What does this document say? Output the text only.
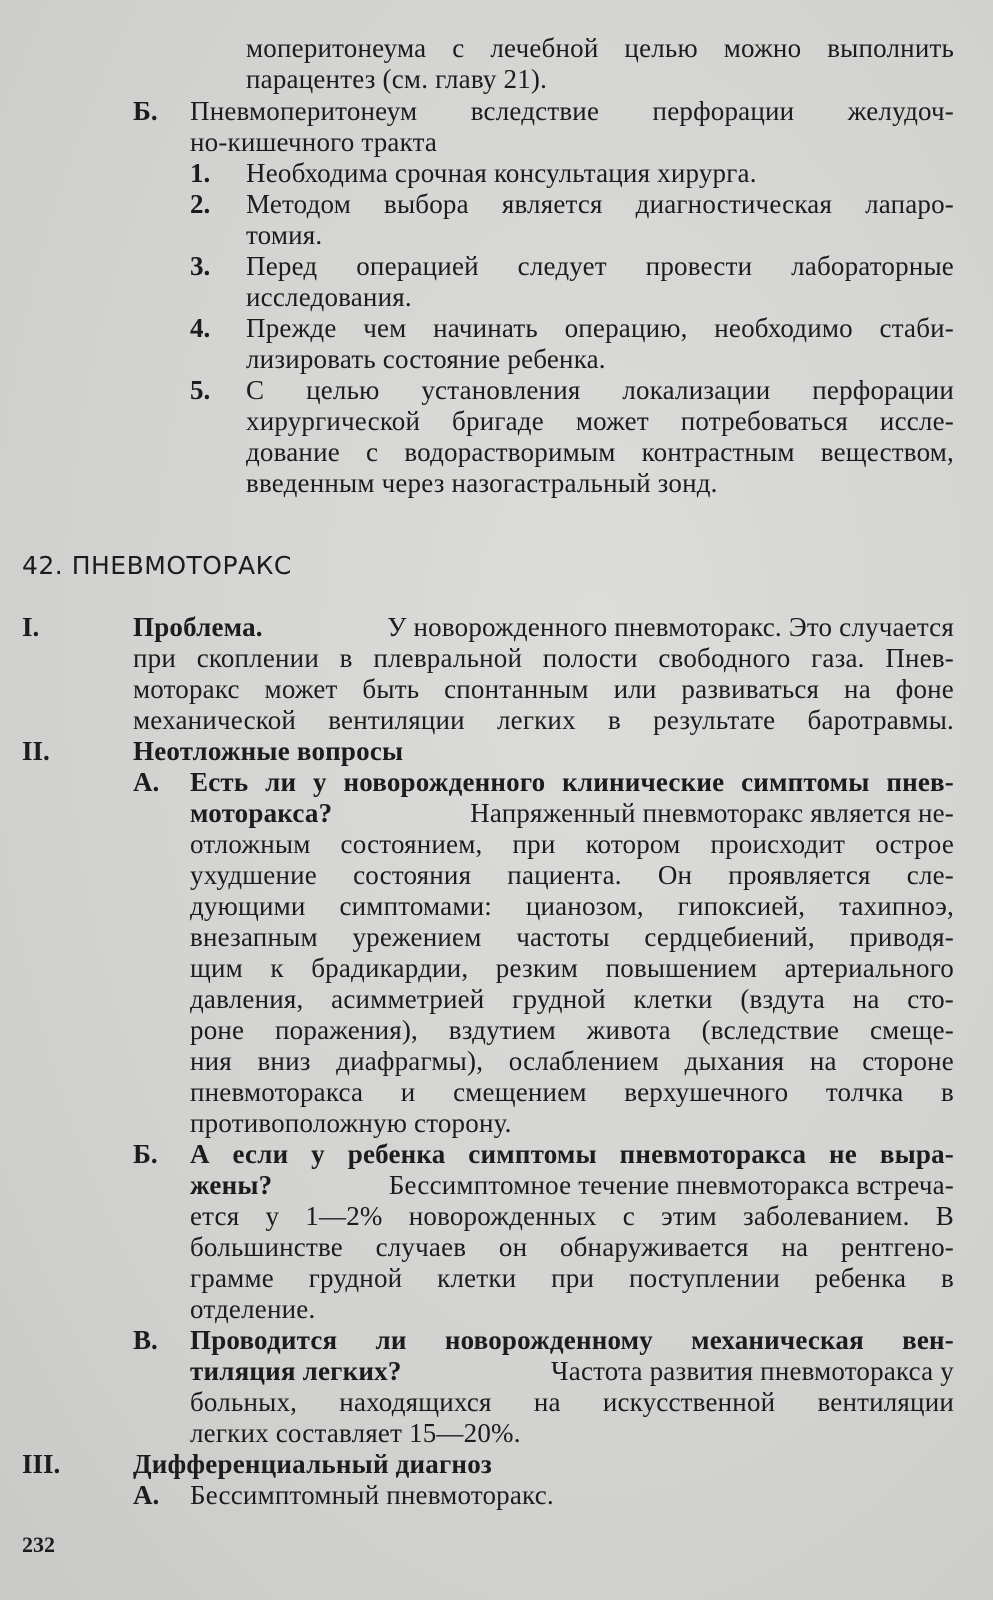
моперитонеума с лечебной целью можно выполнить
парацентез (см. главу 21).
Б. Пневмоперитонеум вследствие перфорации желудоч-
но-кишечного тракта
1. Необходима срочная консультация хирурга.
2. Методом выбора является диагностическая лапаро-
томия.
3. Перед операцией следует провести лабораторные
исследования.
4. Прежде чем начинать операцию, необходимо стаби-
лизировать состояние ребенка.
5. С целью установления локализации перфорации
хирургической бригаде может потребоваться иссле-
дование с водорастворимым контрастным веществом,
введенным через назогастральный зонд.
42. ПНЕВМОТОРАКС
I.	Проблема.	У новорожденного пневмоторакс. Это случается
при скоплении в плевральной полости свободного газа. Пнев-
моторакс может быть спонтанным или развиваться на фоне
механической вентиляции легких в результате баротравмы.
II.	Неотложные вопросы
А. Есть ли у новорожденного клинические симптомы пнев-
моторакса?	Напряженный пневмоторакс является не-
отложным состоянием, при котором происходит острое
ухудшение состояния пациента. Он проявляется сле-
дующими симптомами: цианозом, гипоксией, тахипноэ,
внезапным урежением частоты сердцебиений, приводя-
щим к брадикардии, резким повышением артериального
давления, асимметрией грудной клетки (вздута на сто-
роне поражения), вздутием живота (вследствие смеще-
ния вниз диафрагмы), ослаблением дыхания на стороне
пневмоторакса и смещением верхушечного толчка в
противоположную сторону.
Б. А если у ребенка симптомы пневмоторакса не выра-
жены?	Бессимптомное течение пневмоторакса встреча-
ется у 1—2% новорожденных с этим заболеванием. В
большинстве случаев он обнаруживается на рентгено-
грамме грудной клетки при поступлении ребенка в
отделение.
В. Проводится ли новорожденному механическая вен-
тиляция легких?	Частота развития пневмоторакса у
больных, находящихся на искусственной вентиляции
легких составляет 15—20%.
III.	Дифференциальный диагноз
А. Бессимптомный пневмоторакс.
232
